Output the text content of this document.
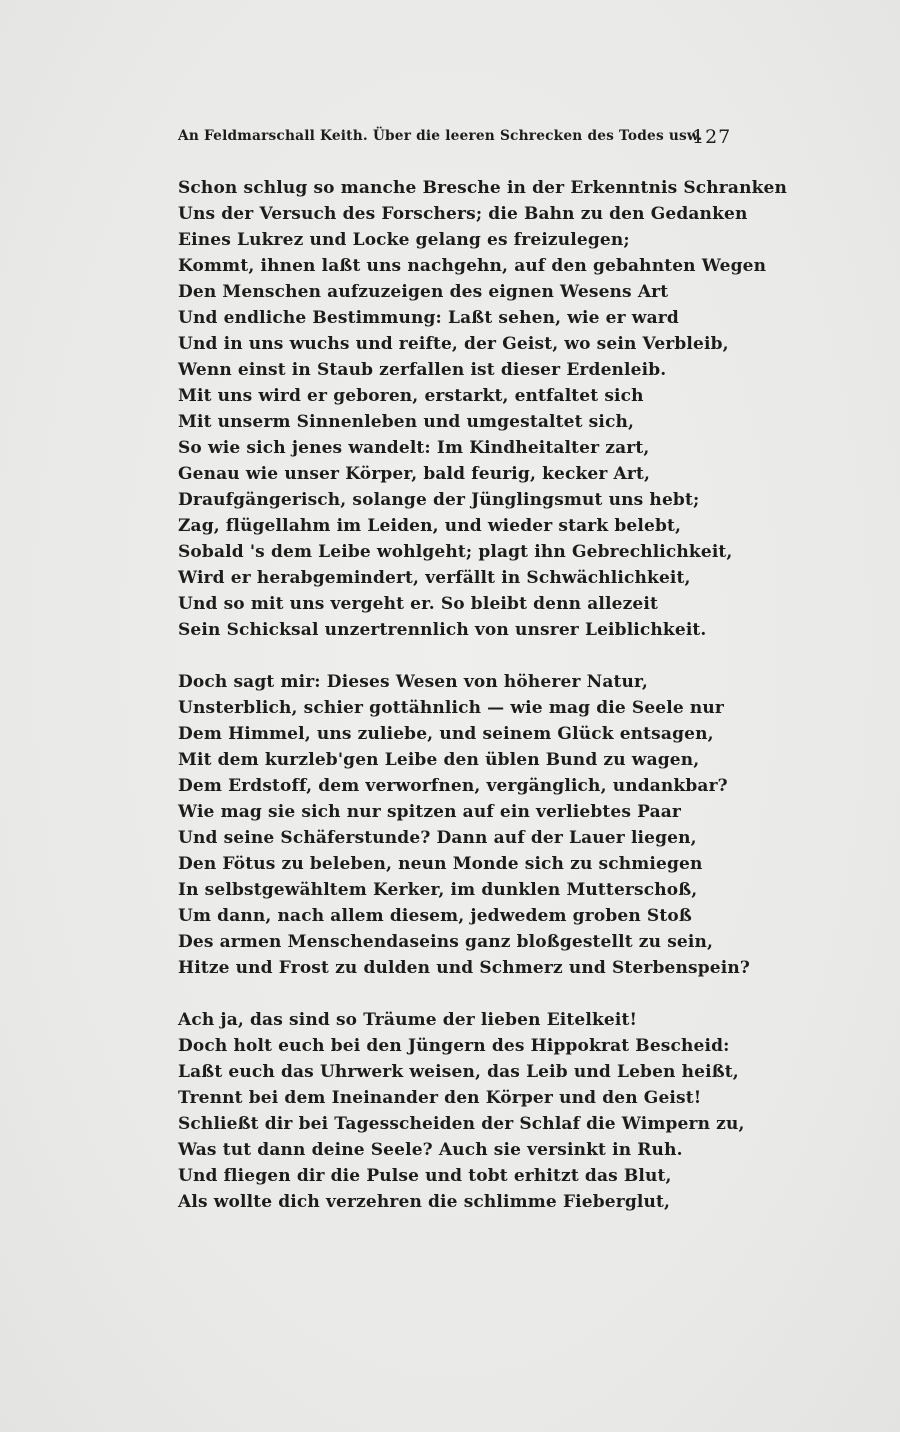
An Feldmarschall Keith. Über die leeren Schrecken des Todes usw.
127
Schon schlug so manche Bresche in der Erkenntnis Schranken
Uns der Versuch des Forschers; die Bahn zu den Gedanken
Eines Lukrez und Locke gelang es freizulegen;
Kommt, ihnen laßt uns nachgehn, auf den gebahnten Wegen
Den Menschen aufzuzeigen des eignen Wesens Art
Und endliche Bestimmung: Laßt sehen, wie er ward
Und in uns wuchs und reifte, der Geist, wo sein Verbleib,
Wenn einst in Staub zerfallen ist dieser Erdenleib.
Mit uns wird er geboren, erstarkt, entfaltet sich
Mit unserm Sinnenleben und umgestaltet sich,
So wie sich jenes wandelt: Im Kindheitalter zart,
Genau wie unser Körper, bald feurig, kecker Art,
Draufgängerisch, solange der Jünglingsmut uns hebt;
Zag, flügellahm im Leiden, und wieder stark belebt,
Sobald 's dem Leibe wohlgeht; plagt ihn Gebrechlichkeit,
Wird er herabgemindert, verfällt in Schwächlichkeit,
Und so mit uns vergeht er. So bleibt denn allezeit
Sein Schicksal unzertrennlich von unsrer Leiblichkeit.
Doch sagt mir: Dieses Wesen von höherer Natur,
Unsterblich, schier gottähnlich — wie mag die Seele nur
Dem Himmel, uns zuliebe, und seinem Glück entsagen,
Mit dem kurzleb'gen Leibe den üblen Bund zu wagen,
Dem Erdstoff, dem verworfnen, vergänglich, undankbar?
Wie mag sie sich nur spitzen auf ein verliebtes Paar
Und seine Schäferstunde? Dann auf der Lauer liegen,
Den Fötus zu beleben, neun Monde sich zu schmiegen
In selbstgewähltem Kerker, im dunklen Mutterschoß,
Um dann, nach allem diesem, jedwedem groben Stoß
Des armen Menschendaseins ganz bloßgestellt zu sein,
Hitze und Frost zu dulden und Schmerz und Sterbenspein?
Ach ja, das sind so Träume der lieben Eitelkeit!
Doch holt euch bei den Jüngern des Hippokrat Bescheid:
Laßt euch das Uhrwerk weisen, das Leib und Leben heißt,
Trennt bei dem Ineinander den Körper und den Geist!
Schließt dir bei Tagesscheiden der Schlaf die Wimpern zu,
Was tut dann deine Seele? Auch sie versinkt in Ruh.
Und fliegen dir die Pulse und tobt erhitzt das Blut,
Als wollte dich verzehren die schlimme Fieberglut,
